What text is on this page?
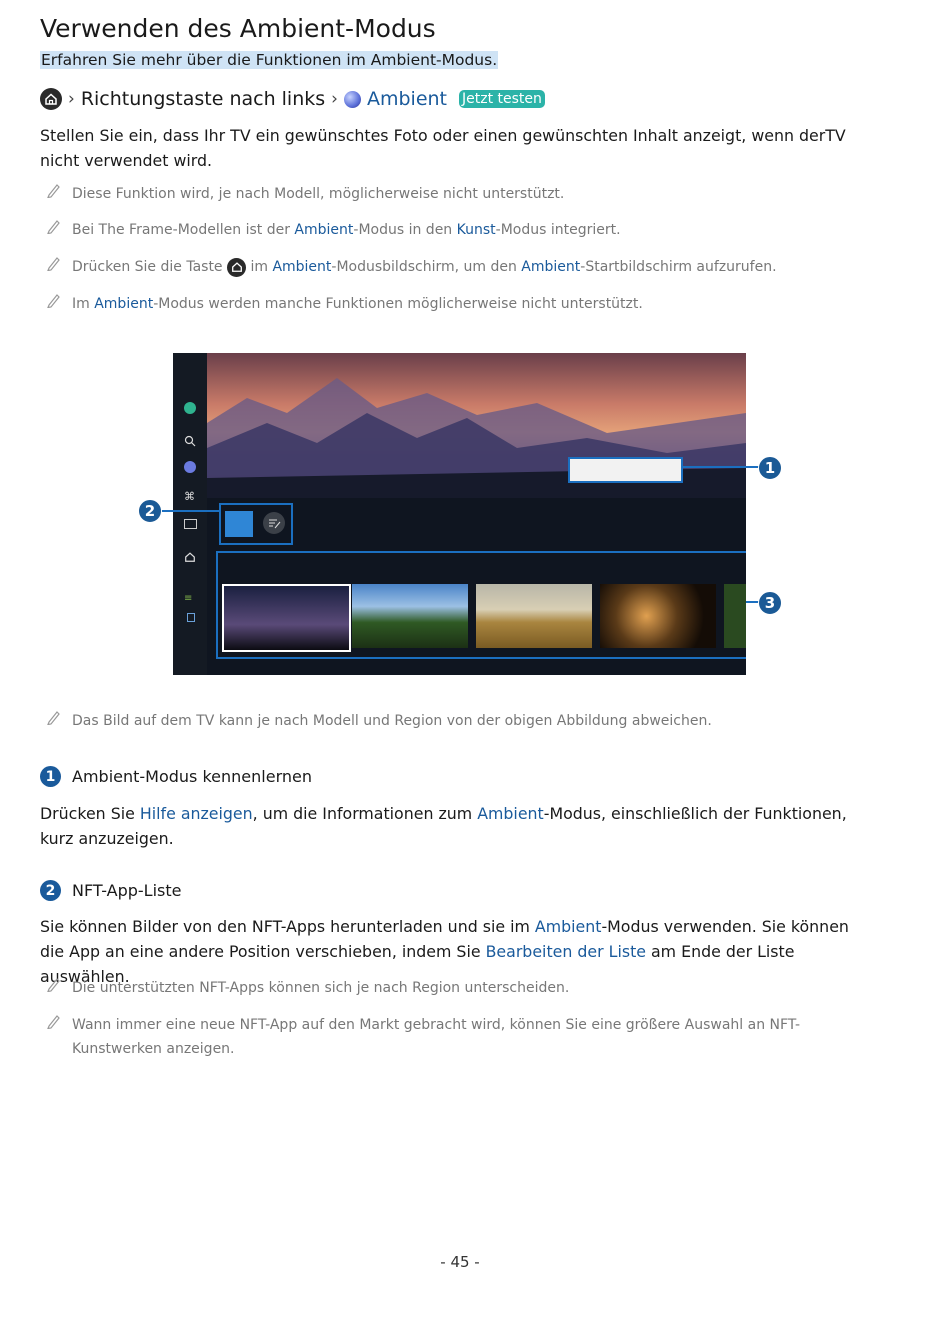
Verwenden des Ambient-Modus
Erfahren Sie mehr über die Funktionen im Ambient-Modus.
› Richtungstaste nach links › Ambient Jetzt testen

Stellen Sie ein, dass Ihr TV ein gewünschtes Foto oder einen gewünschten Inhalt anzeigt, wenn derTV nicht verwendet wird.

Diese Funktion wird, je nach Modell, möglicherweise nicht unterstützt.
Bei The Frame-Modellen ist der Ambient-Modus in den Kunst-Modus integriert.
Drücken Sie die Taste
im Ambient-Modusbildschirm, um den Ambient-Startbildschirm aufzurufen.
Im Ambient-Modus werden manche Funktionen möglicherweise nicht unterstützt.
⌘
≡
1
2
3
Das Bild auf dem TV kann je nach Modell und Region von der obigen Abbildung abweichen.
1	Ambient-Modus kennenlernen

Drücken Sie Hilfe anzeigen, um die Informationen zum Ambient-Modus, einschließlich der Funktionen, kurz anzuzeigen.

2	NFT-App-Liste

Sie können Bilder von den NFT-Apps herunterladen und sie im Ambient-Modus verwenden. Sie können die App an eine andere Position verschieben, indem Sie Bearbeiten der Liste am Ende der Liste auswählen.

Die unterstützten NFT-Apps können sich je nach Region unterscheiden.
Wann immer eine neue NFT-App auf den Markt gebracht wird, können Sie eine größere Auswahl an NFT-Kunstwerken anzeigen.
- 45 -
